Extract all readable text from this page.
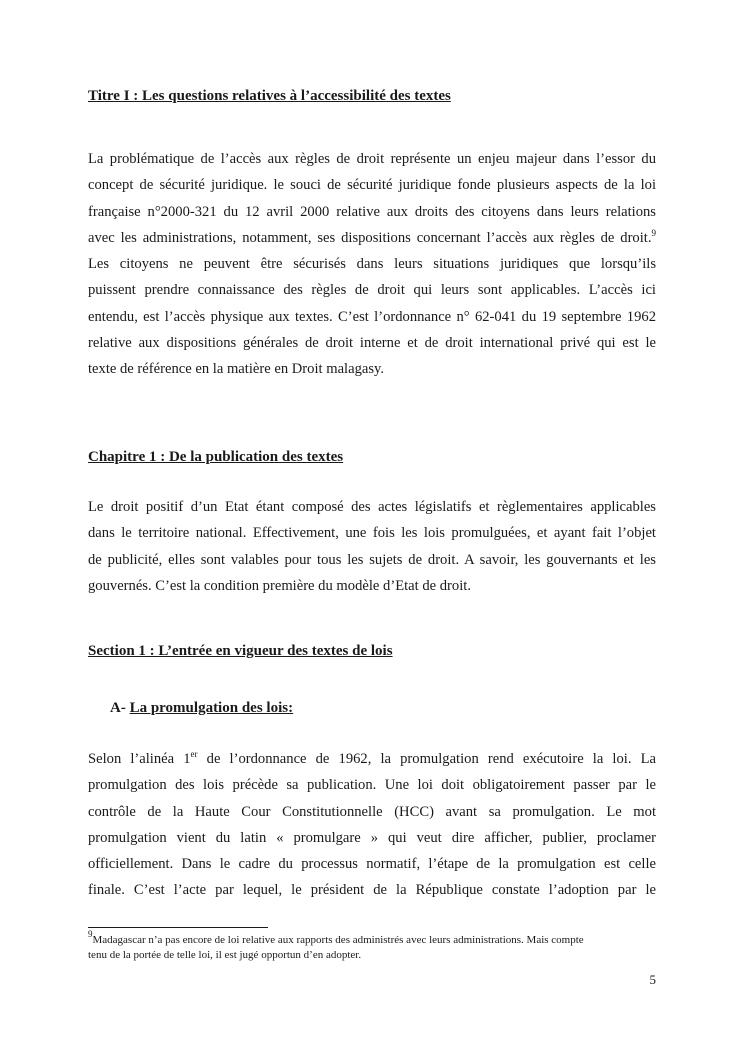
Titre I : Les questions relatives à l’accessibilité des textes
La problématique de l’accès aux règles de droit représente un enjeu majeur dans l’essor du
concept de sécurité juridique. le souci de sécurité juridique fonde plusieurs aspects de la loi
française n°2000-321 du 12 avril 2000 relative aux droits des citoyens dans leurs relations
avec les administrations, notamment, ses dispositions concernant l’accès aux règles de droit.$^9$
Les citoyens ne peuvent être sécurisés dans leurs situations juridiques que lorsqu’ils
puissent prendre connaissance des règles de droit qui leurs sont applicables. L’accès ici
entendu, est l’accès physique aux textes. C’est l’ordonnance n° 62-041 du 19 septembre 1962
relative aux dispositions générales de droit interne et de droit international privé qui est le
texte de référence en la matière en Droit malagasy.
Chapitre 1 : De la publication des textes
Le droit positif d’un Etat étant composé des actes législatifs et règlementaires applicables
dans le territoire national. Effectivement, une fois les lois promulguées, et ayant fait l’objet
de publicité, elles sont valables pour tous les sujets de droit. A savoir, les gouvernants et les
gouvernés. C’est la condition première du modèle d’Etat de droit.
Section 1 : L’entrée en vigueur des textes de lois
A- La promulgation des lois:
Selon l’alinéa 1er de l’ordonnance de 1962, la promulgation rend exécutoire la loi. La
promulgation des lois précède sa publication. Une loi doit obligatoirement passer par le
contrôle de la Haute Cour Constitutionnelle (HCC) avant sa promulgation. Le mot
promulgation vient du latin « promulgare » qui veut dire afficher, publier, proclamer
officiellement. Dans le cadre du processus normatif, l’étape de la promulgation est celle
finale. C’est l’acte par lequel, le président de la République constate l’adoption par le
$^9$Madagascar n’a pas encore de loi relative aux rapports des administrés avec leurs administrations. Mais compte
tenu de la portée de telle loi, il est jugé opportun d’en adopter.
5
